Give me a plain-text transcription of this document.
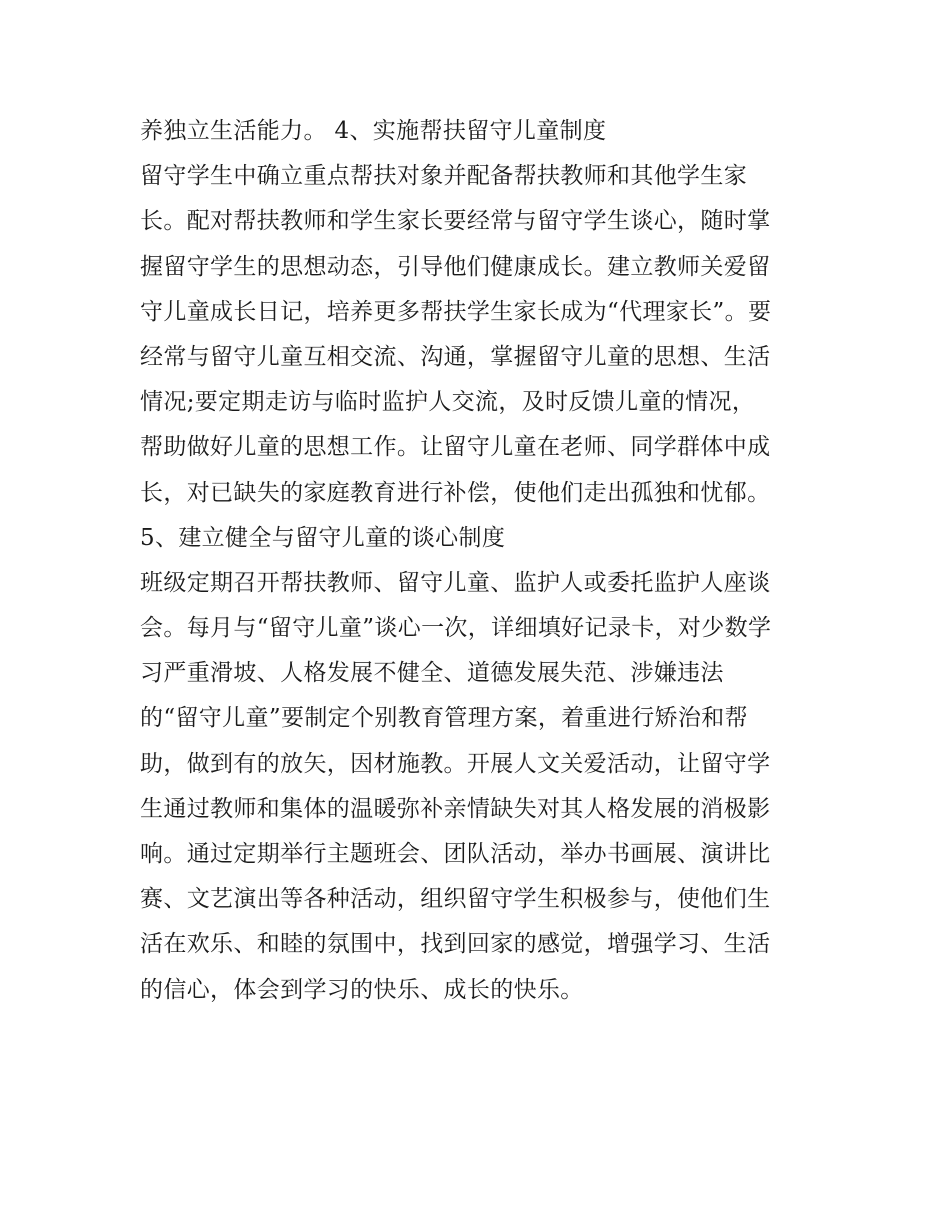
养独立生活能力。 4、实施帮扶留守儿童制度
留守学生中确立重点帮扶对象并配备帮扶教师和其他学生家
长。配对帮扶教师和学生家长要经常与留守学生谈心，随时掌
握留守学生的思想动态，引导他们健康成长。建立教师关爱留
守儿童成长日记，培养更多帮扶学生家长成为“代理家长”。要
经常与留守儿童互相交流、沟通，掌握留守儿童的思想、生活
情况;要定期走访与临时监护人交流，及时反馈儿童的情况，
帮助做好儿童的思想工作。让留守儿童在老师、同学群体中成
长，对已缺失的家庭教育进行补偿，使他们走出孤独和忧郁。
5、建立健全与留守儿童的谈心制度
班级定期召开帮扶教师、留守儿童、监护人或委托监护人座谈
会。每月与“留守儿童”谈心一次，详细填好记录卡，对少数学
习严重滑坡、人格发展不健全、道德发展失范、涉嫌违法
的“留守儿童”要制定个别教育管理方案，着重进行矫治和帮
助，做到有的放矢，因材施教。开展人文关爱活动，让留守学
生通过教师和集体的温暖弥补亲情缺失对其人格发展的消极影
响。通过定期举行主题班会、团队活动，举办书画展、演讲比
赛、文艺演出等各种活动，组织留守学生积极参与，使他们生
活在欢乐、和睦的氛围中，找到回家的感觉，增强学习、生活
的信心，体会到学习的快乐、成长的快乐。
